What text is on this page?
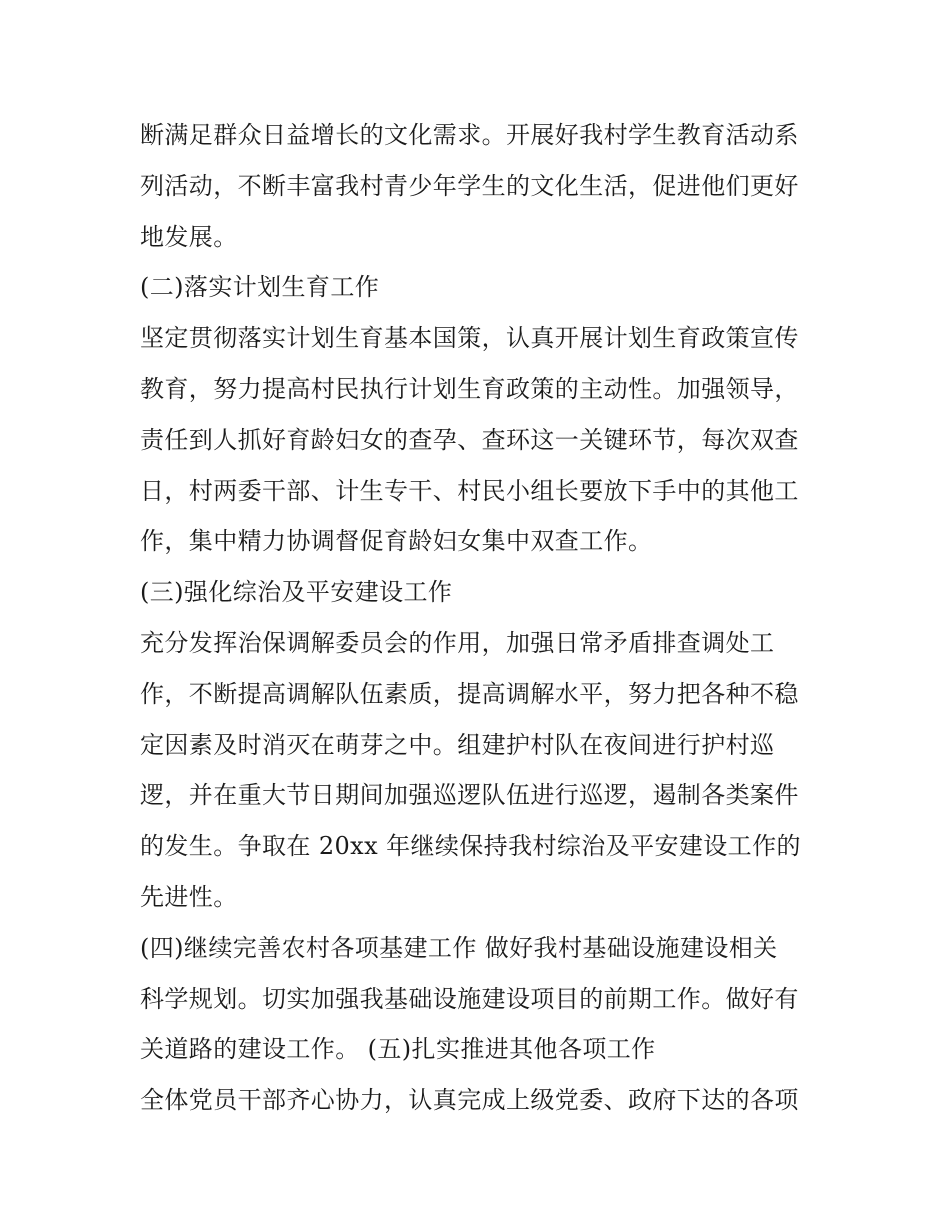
断满足群众日益增长的文化需求。开展好我村学生教育活动系
列活动，不断丰富我村青少年学生的文化生活，促进他们更好
地发展。
(二)落实计划生育工作
坚定贯彻落实计划生育基本国策，认真开展计划生育政策宣传
教育，努力提高村民执行计划生育政策的主动性。加强领导，
责任到人抓好育龄妇女的查孕、查环这一关键环节，每次双查
日，村两委干部、计生专干、村民小组长要放下手中的其他工
作，集中精力协调督促育龄妇女集中双查工作。
(三)强化综治及平安建设工作
充分发挥治保调解委员会的作用，加强日常矛盾排查调处工
作，不断提高调解队伍素质，提高调解水平，努力把各种不稳
定因素及时消灭在萌芽之中。组建护村队在夜间进行护村巡
逻，并在重大节日期间加强巡逻队伍进行巡逻，遏制各类案件
的发生。争取在 20xx 年继续保持我村综治及平安建设工作的
先进性。
(四)继续完善农村各项基建工作 做好我村基础设施建设相关
科学规划。切实加强我基础设施建设项目的前期工作。做好有
关道路的建设工作。 (五)扎实推进其他各项工作
全体党员干部齐心协力，认真完成上级党委、政府下达的各项
